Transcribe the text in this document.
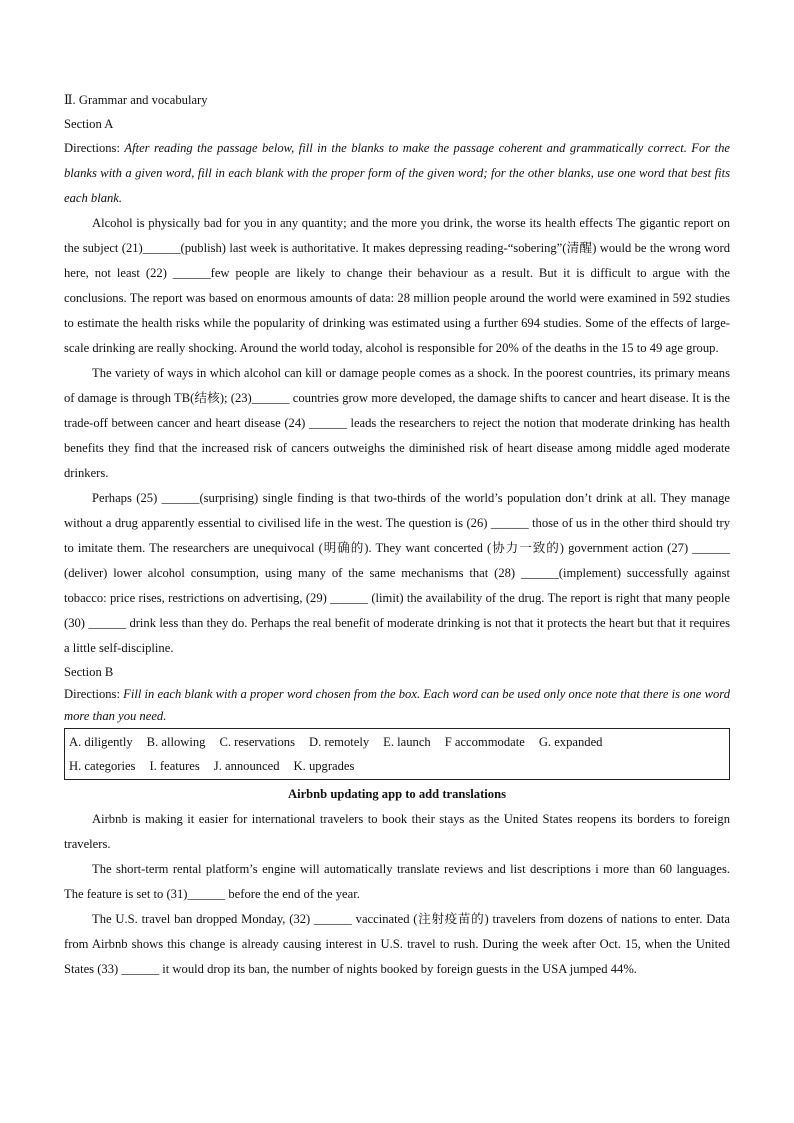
Ⅱ. Grammar and vocabulary
Section A
Directions: After reading the passage below, fill in the blanks to make the passage coherent and grammatically correct. For the blanks with a given word, fill in each blank with the proper form of the given word; for the other blanks, use one word that best fits each blank.

Alcohol is physically bad for you in any quantity; and the more you drink, the worse its health effects The gigantic report on the subject (21)______(publish) last week is authoritative. It makes depressing reading-“sobering”(清醒) would be the wrong word here, not least (22) ______few people are likely to change their behaviour as a result. But it is difficult to argue with the conclusions. The report was based on enormous amounts of data: 28 million people around the world were examined in 592 studies to estimate the health risks while the popularity of drinking was estimated using a further 694 studies. Some of the effects of large-scale drinking are really shocking. Around the world today, alcohol is responsible for 20% of the deaths in the 15 to 49 age group.

The variety of ways in which alcohol can kill or damage people comes as a shock. In the poorest countries, its primary means of damage is through TB(结核); (23)______ countries grow more developed, the damage shifts to cancer and heart disease. It is the trade-off between cancer and heart disease (24) ______ leads the researchers to reject the notion that moderate drinking has health benefits they find that the increased risk of cancers outweighs the diminished risk of heart disease among middle aged moderate drinkers.

Perhaps (25) ______(surprising) single finding is that two-thirds of the world’s population don’t drink at all. They manage without a drug apparently essential to civilised life in the west. The question is (26) ______ those of us in the other third should try to imitate them. The researchers are unequivocal (明确的). They want concerted (协力一致的) government action (27) ______ (deliver) lower alcohol consumption, using many of the same mechanisms that (28) ______(implement) successfully against tobacco: price rises, restrictions on advertising, (29) ______ (limit) the availability of the drug. The report is right that many people (30) ______ drink less than they do. Perhaps the real benefit of moderate drinking is not that it protects the heart but that it requires a little self-discipline.

Section B
Directions: Fill in each blank with a proper word chosen from the box. Each word can be used only once note that there is one word more than you need.
A. diligently B. allowing C. reservations D. remotely E. launch F accommodate G. expanded
H. categories I. features J. announced K. upgrades
Airbnb updating app to add translations

Airbnb is making it easier for international travelers to book their stays as the United States reopens its borders to foreign travelers.

The short-term rental platform’s engine will automatically translate reviews and list descriptions i more than 60 languages. The feature is set to (31)______ before the end of the year.

The U.S. travel ban dropped Monday, (32) ______ vaccinated (注射疫苗的) travelers from dozens of nations to enter. Data from Airbnb shows this change is already causing interest in U.S. travel to rush. During the week after Oct. 15, when the United States (33) ______ it would drop its ban, the number of nights booked by foreign guests in the USA jumped 44%.
